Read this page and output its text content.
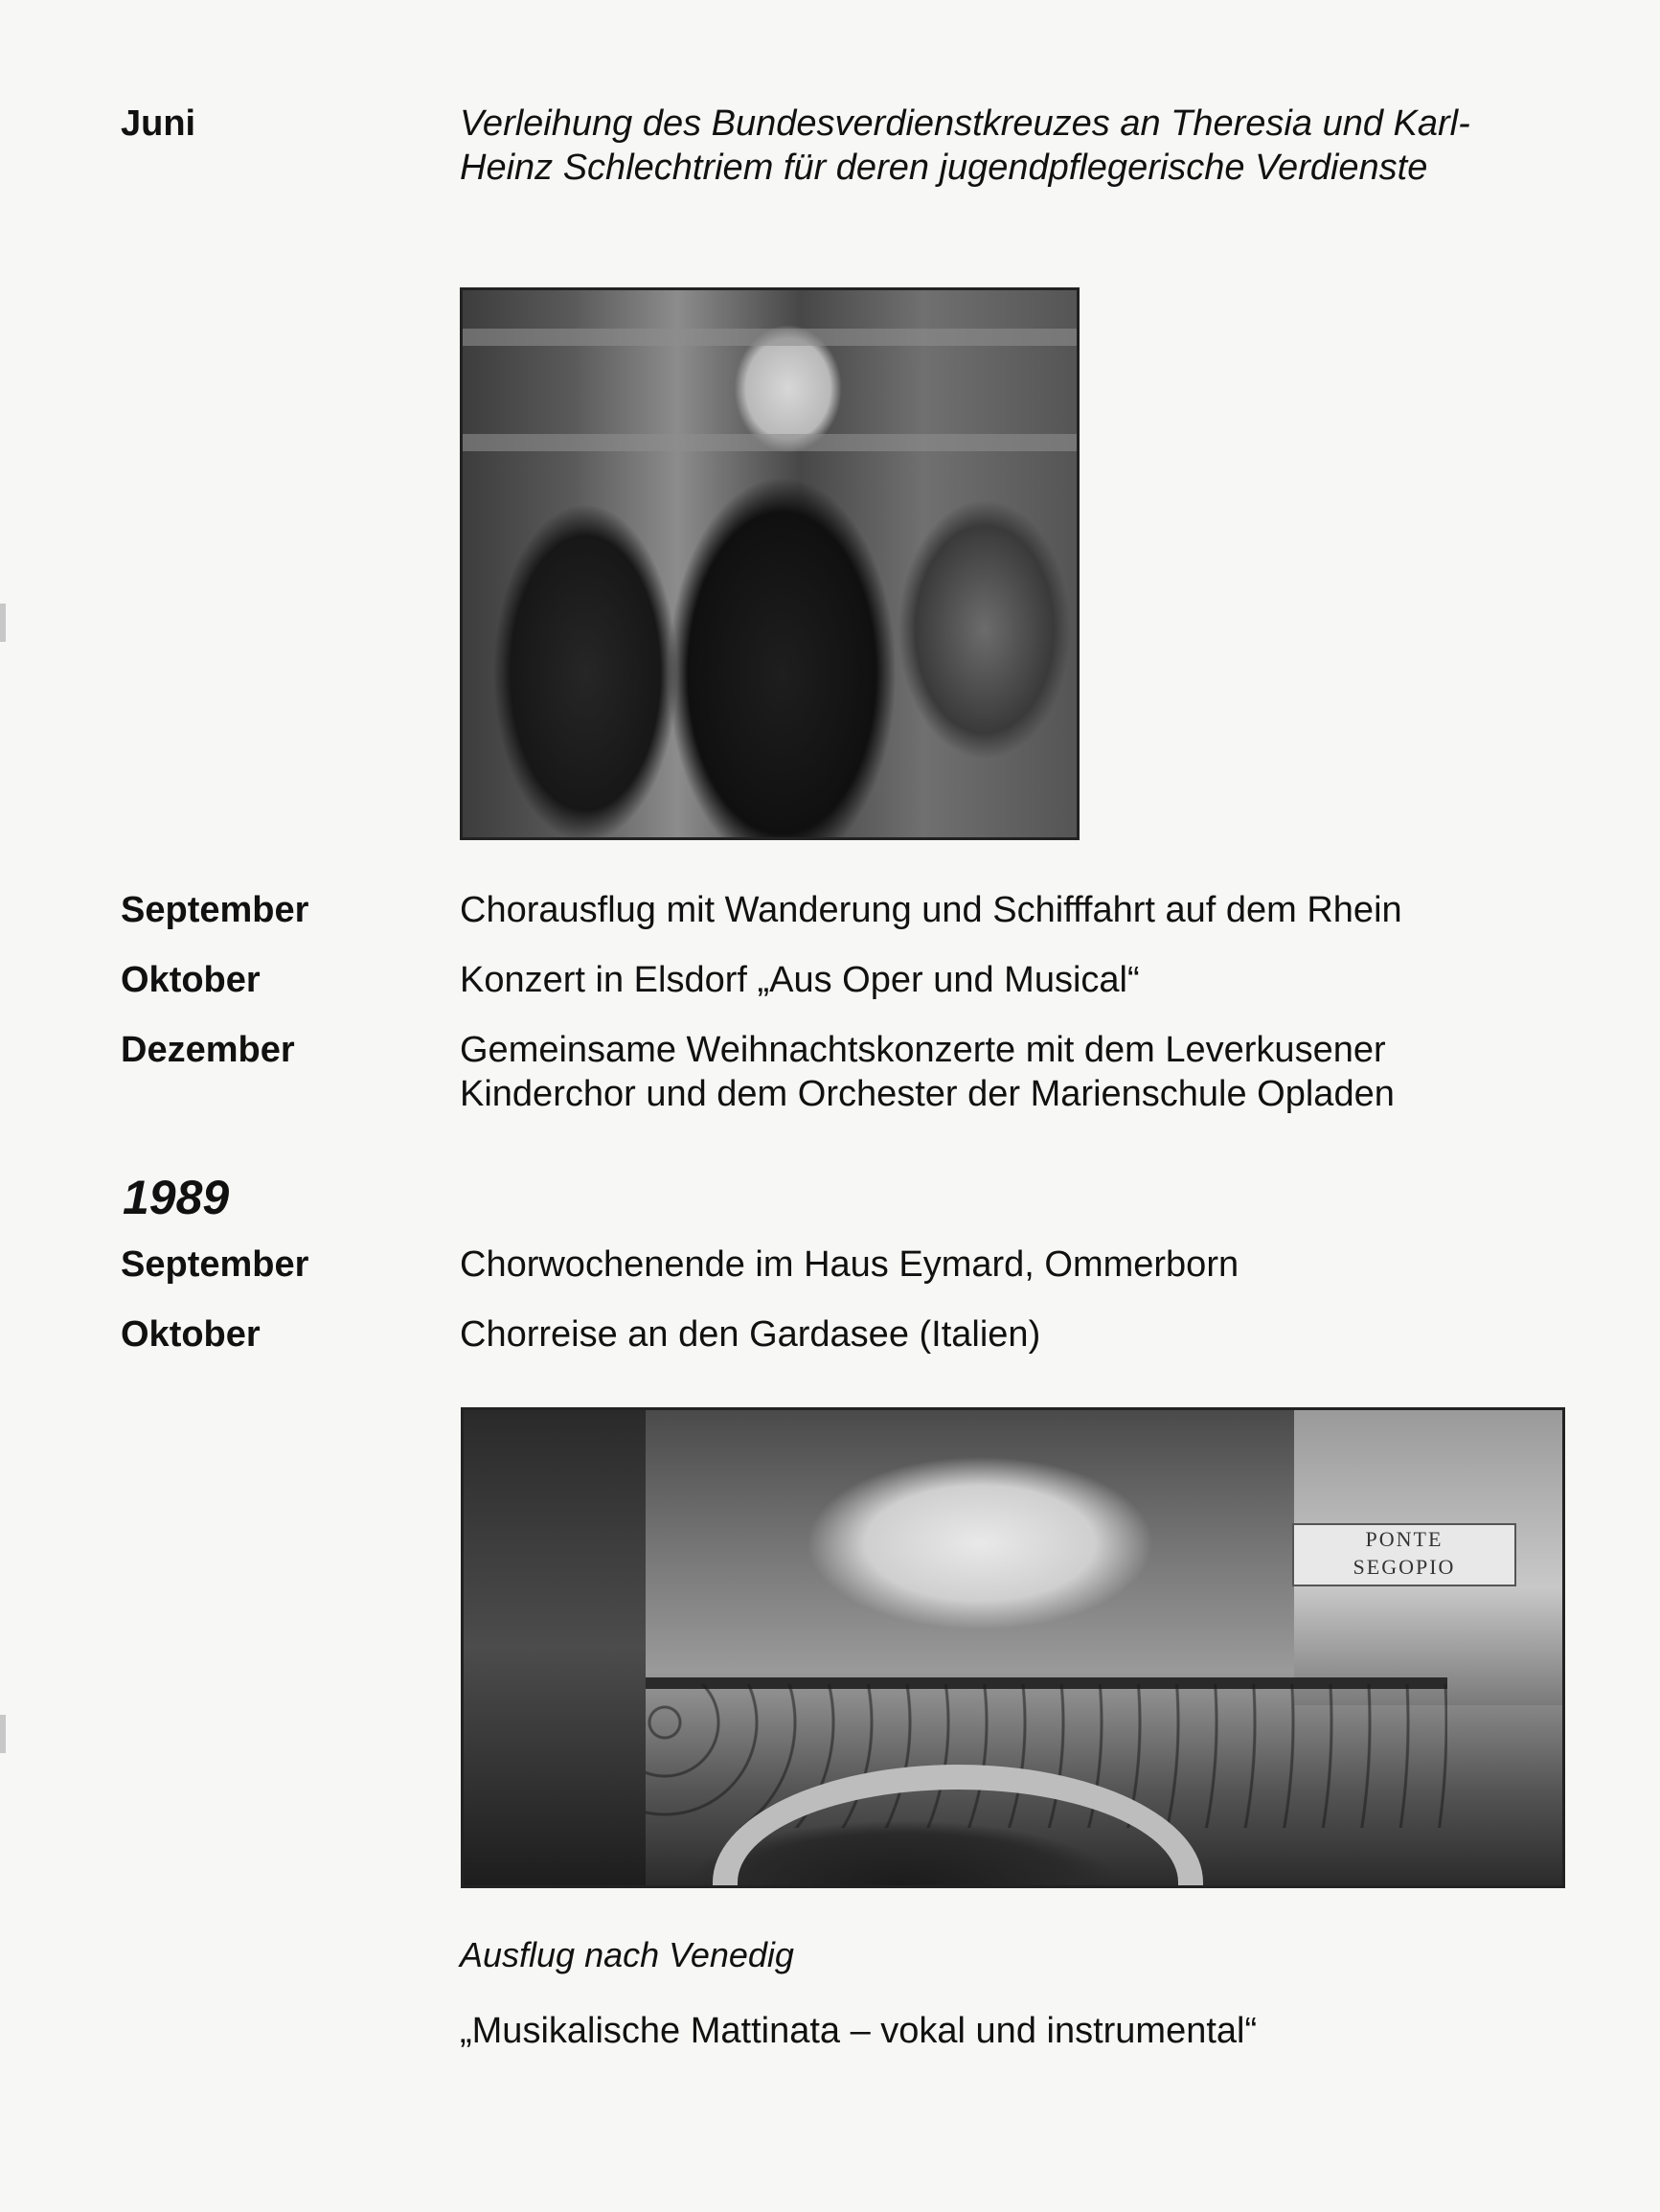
Juni	Verleihung des Bundesverdienstkreuzes an Theresia und Karl-Heinz Schlechtriem für deren jugendpflegerische Verdienste
September	Chorausflug mit Wanderung und Schifffahrt auf dem Rhein
Oktober	Konzert in Elsdorf „Aus Oper und Musical“
Dezember	Gemeinsame Weihnachtskonzerte mit dem Leverkusener Kinderchor und dem Orchester der Marienschule Opladen
1989
September	Chorwochenende im Haus Eymard, Ommerborn
Oktober	Chorreise an den Gardasee (Italien)
PONTE
SEGOPIO
Ausflug nach Venedig
„Musikalische Mattinata – vokal und instrumental“
